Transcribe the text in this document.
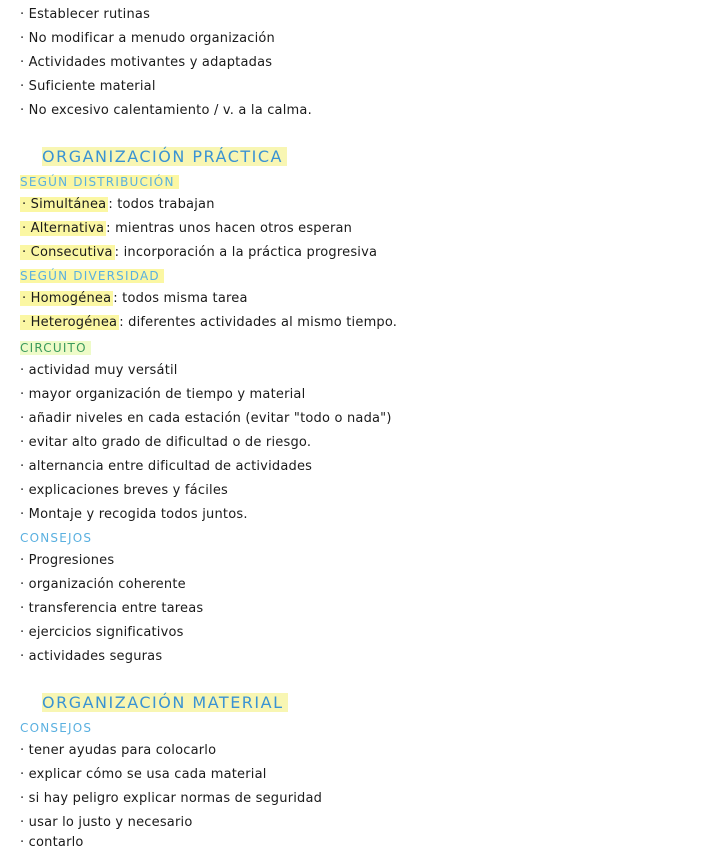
· Establecer rutinas
· No modificar a menudo organización
· Actividades motivantes y adaptadas
· Suficiente material
· No excesivo calentamiento / v. a la calma.
ORGANIZACIÓN PRÁCTICA
SEGÚN DISTRIBUCIÓN
· Simultánea : todos trabajan
· Alternativa : mientras unos hacen otros esperan
· Consecutiva : incorporación a la práctica progresiva
SEGÚN DIVERSIDAD
· Homogénea : todos misma tarea
· Heterogénea : diferentes actividades al mismo tiempo.
CIRCUITO
· actividad muy versátil
· mayor organización de tiempo y material
· añadir niveles en cada estación (evitar "todo o nada")
· evitar alto grado de dificultad o de riesgo.
· alternancia entre dificultad de actividades
· explicaciones breves y fáciles
· Montaje y recogida todos juntos.
CONSEJOS
· Progresiones
· organización coherente
· transferencia entre tareas
· ejercicios significativos
· actividades seguras
ORGANIZACIÓN MATERIAL
CONSEJOS
· tener ayudas para colocarlo
· explicar cómo se usa cada material
· si hay peligro explicar normas de seguridad
· usar lo justo y necesario
· contarlo
